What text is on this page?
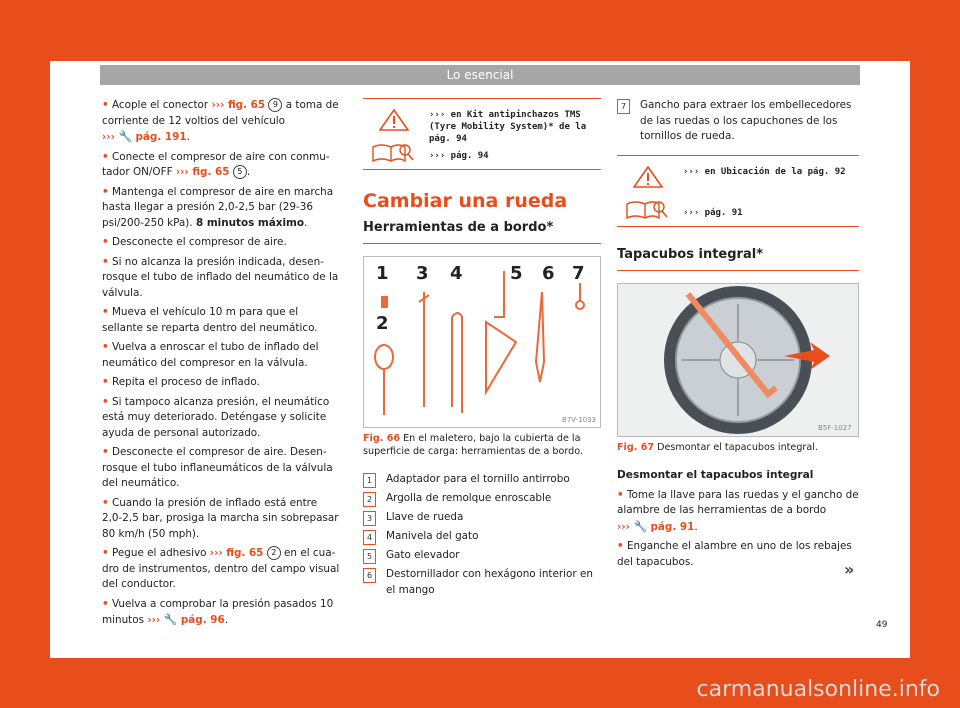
Lo esencial
• Acople el conector ››› fig. 65 9 a toma de corriente de 12 voltios del vehículo
››› 🔧 pág. 191.
• Conecte el compresor de aire con conmu-tador ON/OFF ››› fig. 65 5 .
• Mantenga el compresor de aire en marcha hasta llegar a presión 2,0-2,5 bar (29-36 psi/200-250 kPa). 8 minutos máximo.
• Desconecte el compresor de aire.
• Si no alcanza la presión indicada, desen-rosque el tubo de inflado del neumático de la válvula.
• Mueva el vehículo 10 m para que el sellante se reparta dentro del neumático.
• Vuelva a enroscar el tubo de inflado del neumático del compresor en la válvula.
• Repita el proceso de inflado.
• Si tampoco alcanza presión, el neumático está muy deteriorado. Deténgase y solicite ayuda de personal autorizado.
• Desconecte el compresor de aire. Desen-rosque el tubo inflaneumáticos de la válvula del neumático.
• Cuando la presión de inflado está entre 2,0-2,5 bar, prosiga la marcha sin sobrepasar 80 km/h (50 mph).
• Pegue el adhesivo ››› fig. 65 2 en el cua-dro de instrumentos, dentro del campo visual del conductor.
• Vuelva a comprobar la presión pasados 10 minutos ››› 🔧 pág. 96.
››› en Kit antipinchazos TMS (Tyre Mobility System)* de la pág. 94
››› pág. 94
Cambiar una rueda
Herramientas de a bordo*
1
2
3 4	5 6 7
B7V-1033
Fig. 66 En el maletero, bajo la cubierta de la superficie de carga: herramientas de a bordo.
1	Adaptador para el tornillo antirrobo
2	Argolla de remolque enroscable
3	Llave de rueda
4	Manivela del gato
5	Gato elevador
6	Destornillador con hexágono interior en el mango
7	Gancho para extraer los embellecedores de las ruedas o los capuchones de los tornillos de rueda.
››› en Ubicación de la pág. 92
››› pág. 91
Tapacubos integral*
B5F-1027
Fig. 67 Desmontar el tapacubos integral.
Desmontar el tapacubos integral
• Tome la llave para las ruedas y el gancho de alambre de las herramientas de a bordo
››› 🔧 pág. 91.
• Enganche el alambre en uno de los rebajes del tapacubos.	»
49
carmanualsonline.info
